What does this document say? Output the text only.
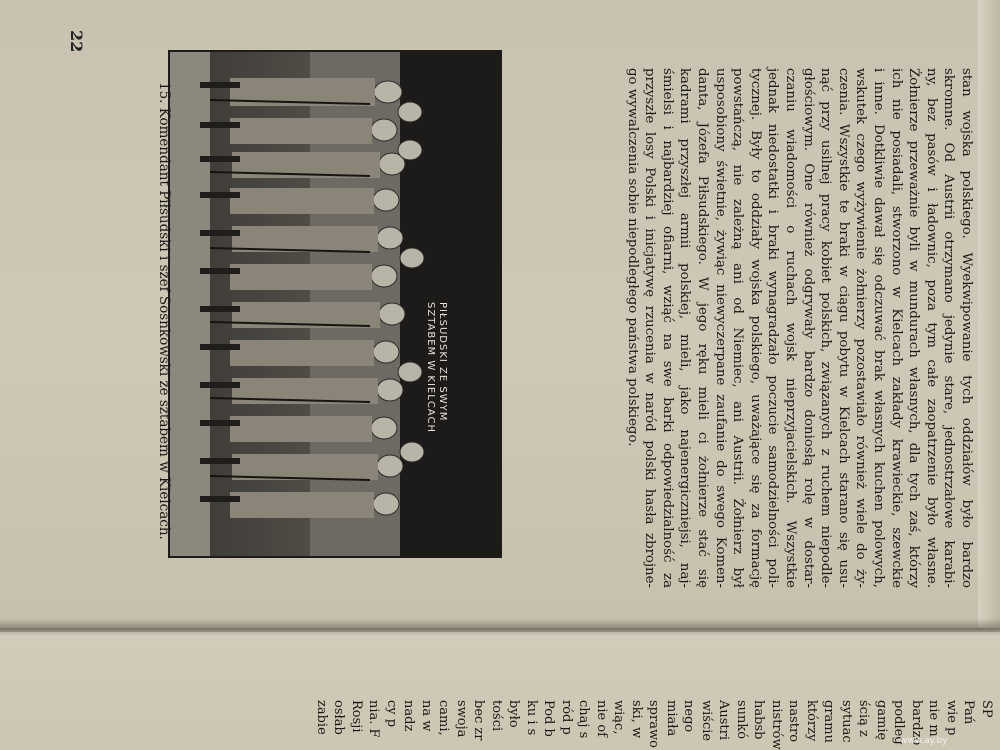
22
PIŁSUDSKI ZE SWYM
SZTABEM W KIELCACH	stan wojska polskiego. Wyekwipowanie tych oddziałów było bardzo
skromne. Od Austrii otrzymano jedynie stare, jednostrzałowe karabi-
ny, bez pasów i ładownic, poza tym całe zaopatrzenie było własne.
Żołnierze przeważnie byli w mundurach własnych, dla tych zaś, którzy
ich nie posiadali, stworzono w Kielcach zakłady krawieckie, szewckie
i inne. Dotkliwie dawał się odczuwać brak własnych kuchen polowych,
wskutek czego wyżywienie żołnierzy pozostawiało również wiele do ży-
czenia. Wszystkie te braki w ciągu pobytu w Kielcach starano się usu-
nąć przy usilnej pracy kobiet polskich, związanych z ruchem niepodle-
głościowym. One również odgrywały bardzo doniosłą rolę w dostar-
czaniu wiadomości o ruchach wojsk nieprzyjacielskich. Wszystkie
jednak niedostatki i braki wynagradzało poczucie samodzielności poli-
tycznej. Były to oddziały wojska polskiego, uważające się za formację
powstańczą, nie zależną ani od Niemiec, ani Austrii. Żołnierz był
usposobiony świetnie, żywiąc niewyczerpane zaufanie do swego Komen-
danta, Józefa Piłsudskiego. W jego ręku mieli ci żołnierze stać się
kadrami przyszłej armii polskiej, mieli, jako najenergiczniejsi, naj-
śmielsi i najbardziej ofiarni, wziąć na swe barki odpowiedzialność za
przyszłe losy Polski i inicjatywę rzucenia w naród polski hasła zbrojne-
go wywalczenia sobie niepodległego państwa polskiego.
15. Komendant Piłsudski i szef Sosnkowski ze sztabem w Kielcach.
SP
Pań
wie p
nie m
bardzo
podleg
gamię
ścią z
sytuac
gramu
którzy
nastro
nistrów
habsb
sunkó
Austri
wiście
nego
miała
sprawo
ski, w
wiąc,
nie of
chaj s
ród p
Pod b
ku i s
było
tości
bec zr
swoja
cami,
na w
nadz
cy p
nia. F
Rosji
osłab
zabie
www.ay.by
